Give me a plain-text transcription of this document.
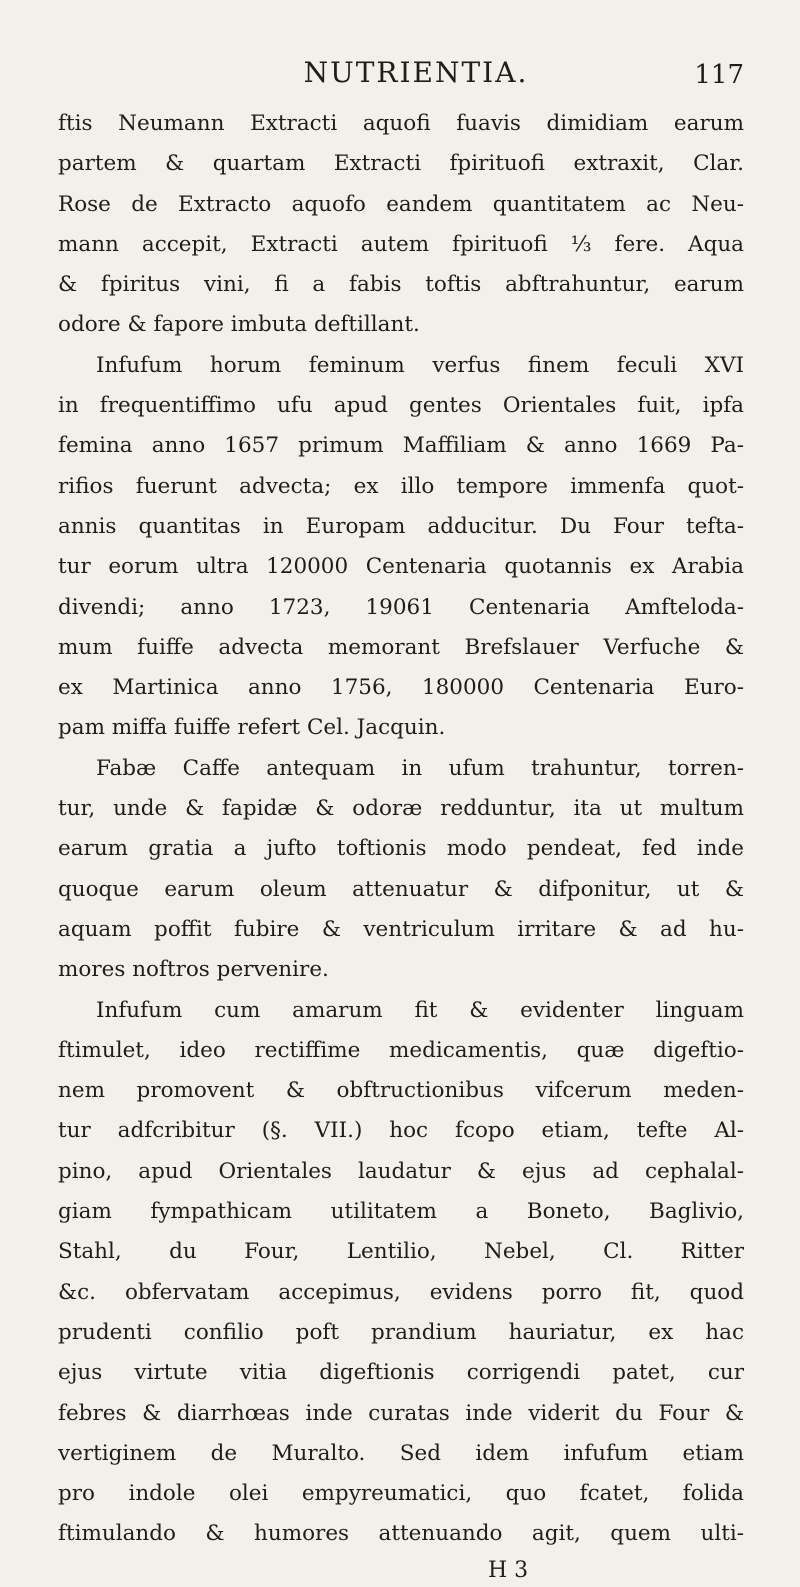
NUTRIENTIA.	117
ftis Neumann Extracti aquofi fuavis dimidiam earum
partem & quartam Extracti fpirituofi extraxit, Clar.
Rose de Extracto aquofo eandem quantitatem ac Neu-
mann accepit, Extracti autem fpirituofi ⅓ fere. Aqua
& fpiritus vini, fi a fabis toftis abftrahuntur, earum
odore & fapore imbuta deftillant.
Infufum horum feminum verfus finem feculi XVI
in frequentiffimo ufu apud gentes Orientales fuit, ipfa
femina anno 1657 primum Maffiliam & anno 1669 Pa-
rifios fuerunt advecta; ex illo tempore immenfa quot-
annis quantitas in Europam adducitur. Du Four tefta-
tur eorum ultra 120000 Centenaria quotannis ex Arabia
divendi; anno 1723, 19061 Centenaria Amfteloda-
mum fuiffe advecta memorant Brefslauer Verfuche &
ex Martinica anno 1756, 180000 Centenaria Euro-
pam miffa fuiffe refert Cel. Jacquin.
Fabæ Caffe antequam in ufum trahuntur, torren-
tur, unde & fapidæ & odoræ redduntur, ita ut multum
earum gratia a jufto toftionis modo pendeat, fed inde
quoque earum oleum attenuatur & difponitur, ut &
aquam poffit fubire & ventriculum irritare & ad hu-
mores noftros pervenire.
Infufum cum amarum fit & evidenter linguam
ftimulet, ideo rectiffime medicamentis, quæ digeftio-
nem promovent & obftructionibus vifcerum meden-
tur adfcribitur (§. VII.) hoc fcopo etiam, tefte Al-
pino, apud Orientales laudatur & ejus ad cephalal-
giam fympathicam utilitatem a Boneto, Baglivio,
Stahl, du Four, Lentilio, Nebel, Cl. Ritter
&c. obfervatam accepimus, evidens porro fit, quod
prudenti confilio poft prandium hauriatur, ex hac
ejus virtute vitia digeftionis corrigendi patet, cur
febres & diarrhœas inde curatas inde viderit du Four &
vertiginem de Muralto. Sed idem infufum etiam
pro indole olei empyreumatici, quo fcatet, folida
ftimulando & humores attenuando agit, quem ulti-
H 3
